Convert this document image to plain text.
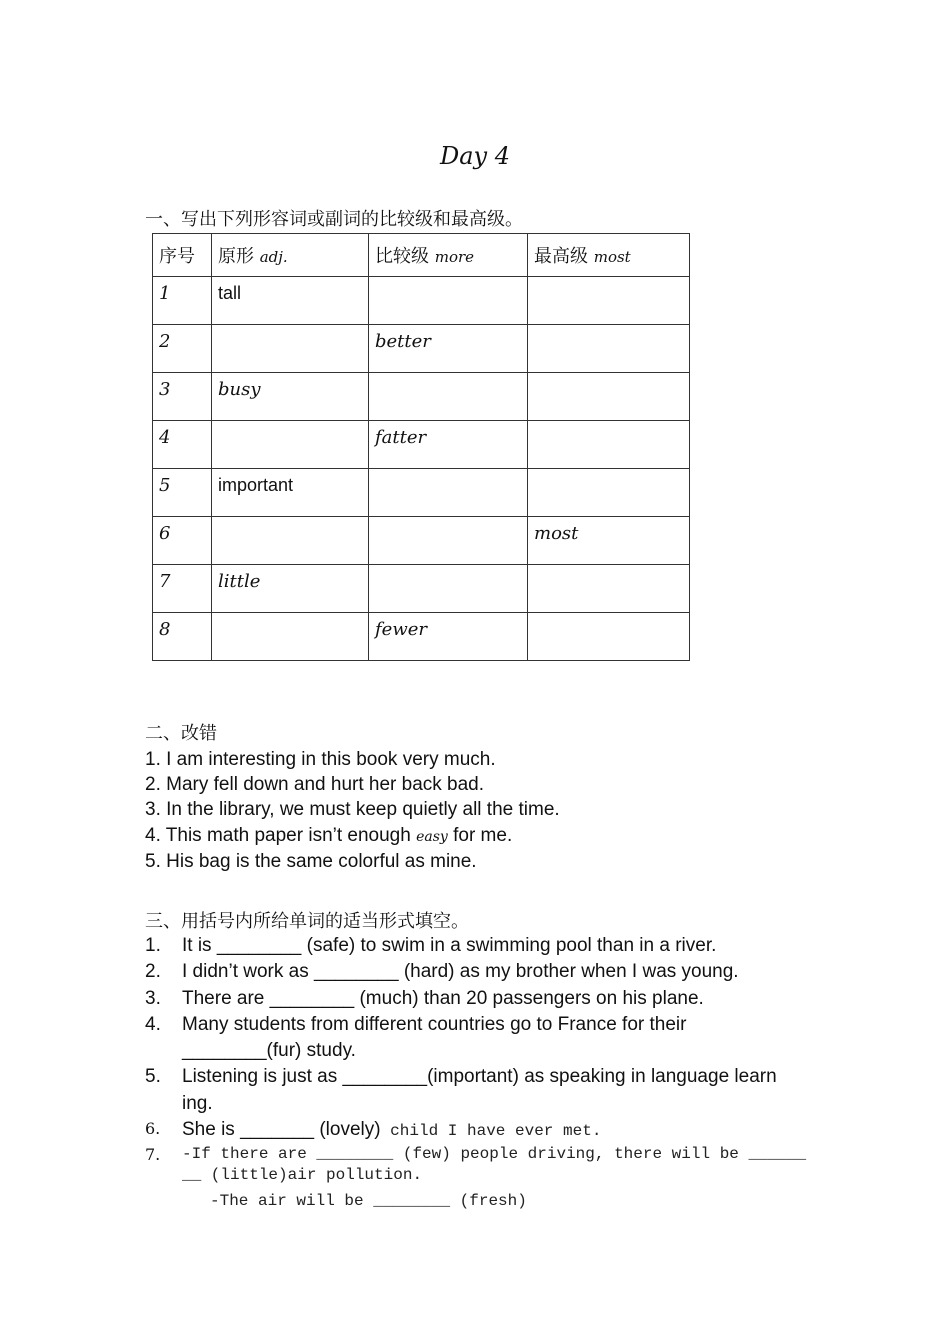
Day 4
一、写出下列形容词或副词的比较级和最高级。
序号	原形 adj.	比较级 more	最高级 most
1	tall		
2		better	
3	busy		
4		fatter	
5	important		
6			most
7	little		
8		fewer	
二、改错
1. I am interesting in this book very much.
2. Mary fell down and hurt her back bad.
3. In the library, we must keep quietly all the time.
4. This math paper isn’t enough easy for me.
5. His bag is the same colorful as mine.
三、用括号内所给单词的适当形式填空。
1. It is ________ (safe) to swim in a swimming pool than in a river.
2. I didn’t work as ________ (hard) as my brother when I was young.
3. There are ________ (much) than 20 passengers on his plane.
4. Many students from different countries go to France for their
________(fur) study.
5. Listening is just as ________(important) as speaking in language learn
ing.
6. She is _______ (lovely) child I have ever met.
7. -If there are ________ (few) people driving, there will be ______
__ (little)air pollution.
-The air will be ________ (fresh)
